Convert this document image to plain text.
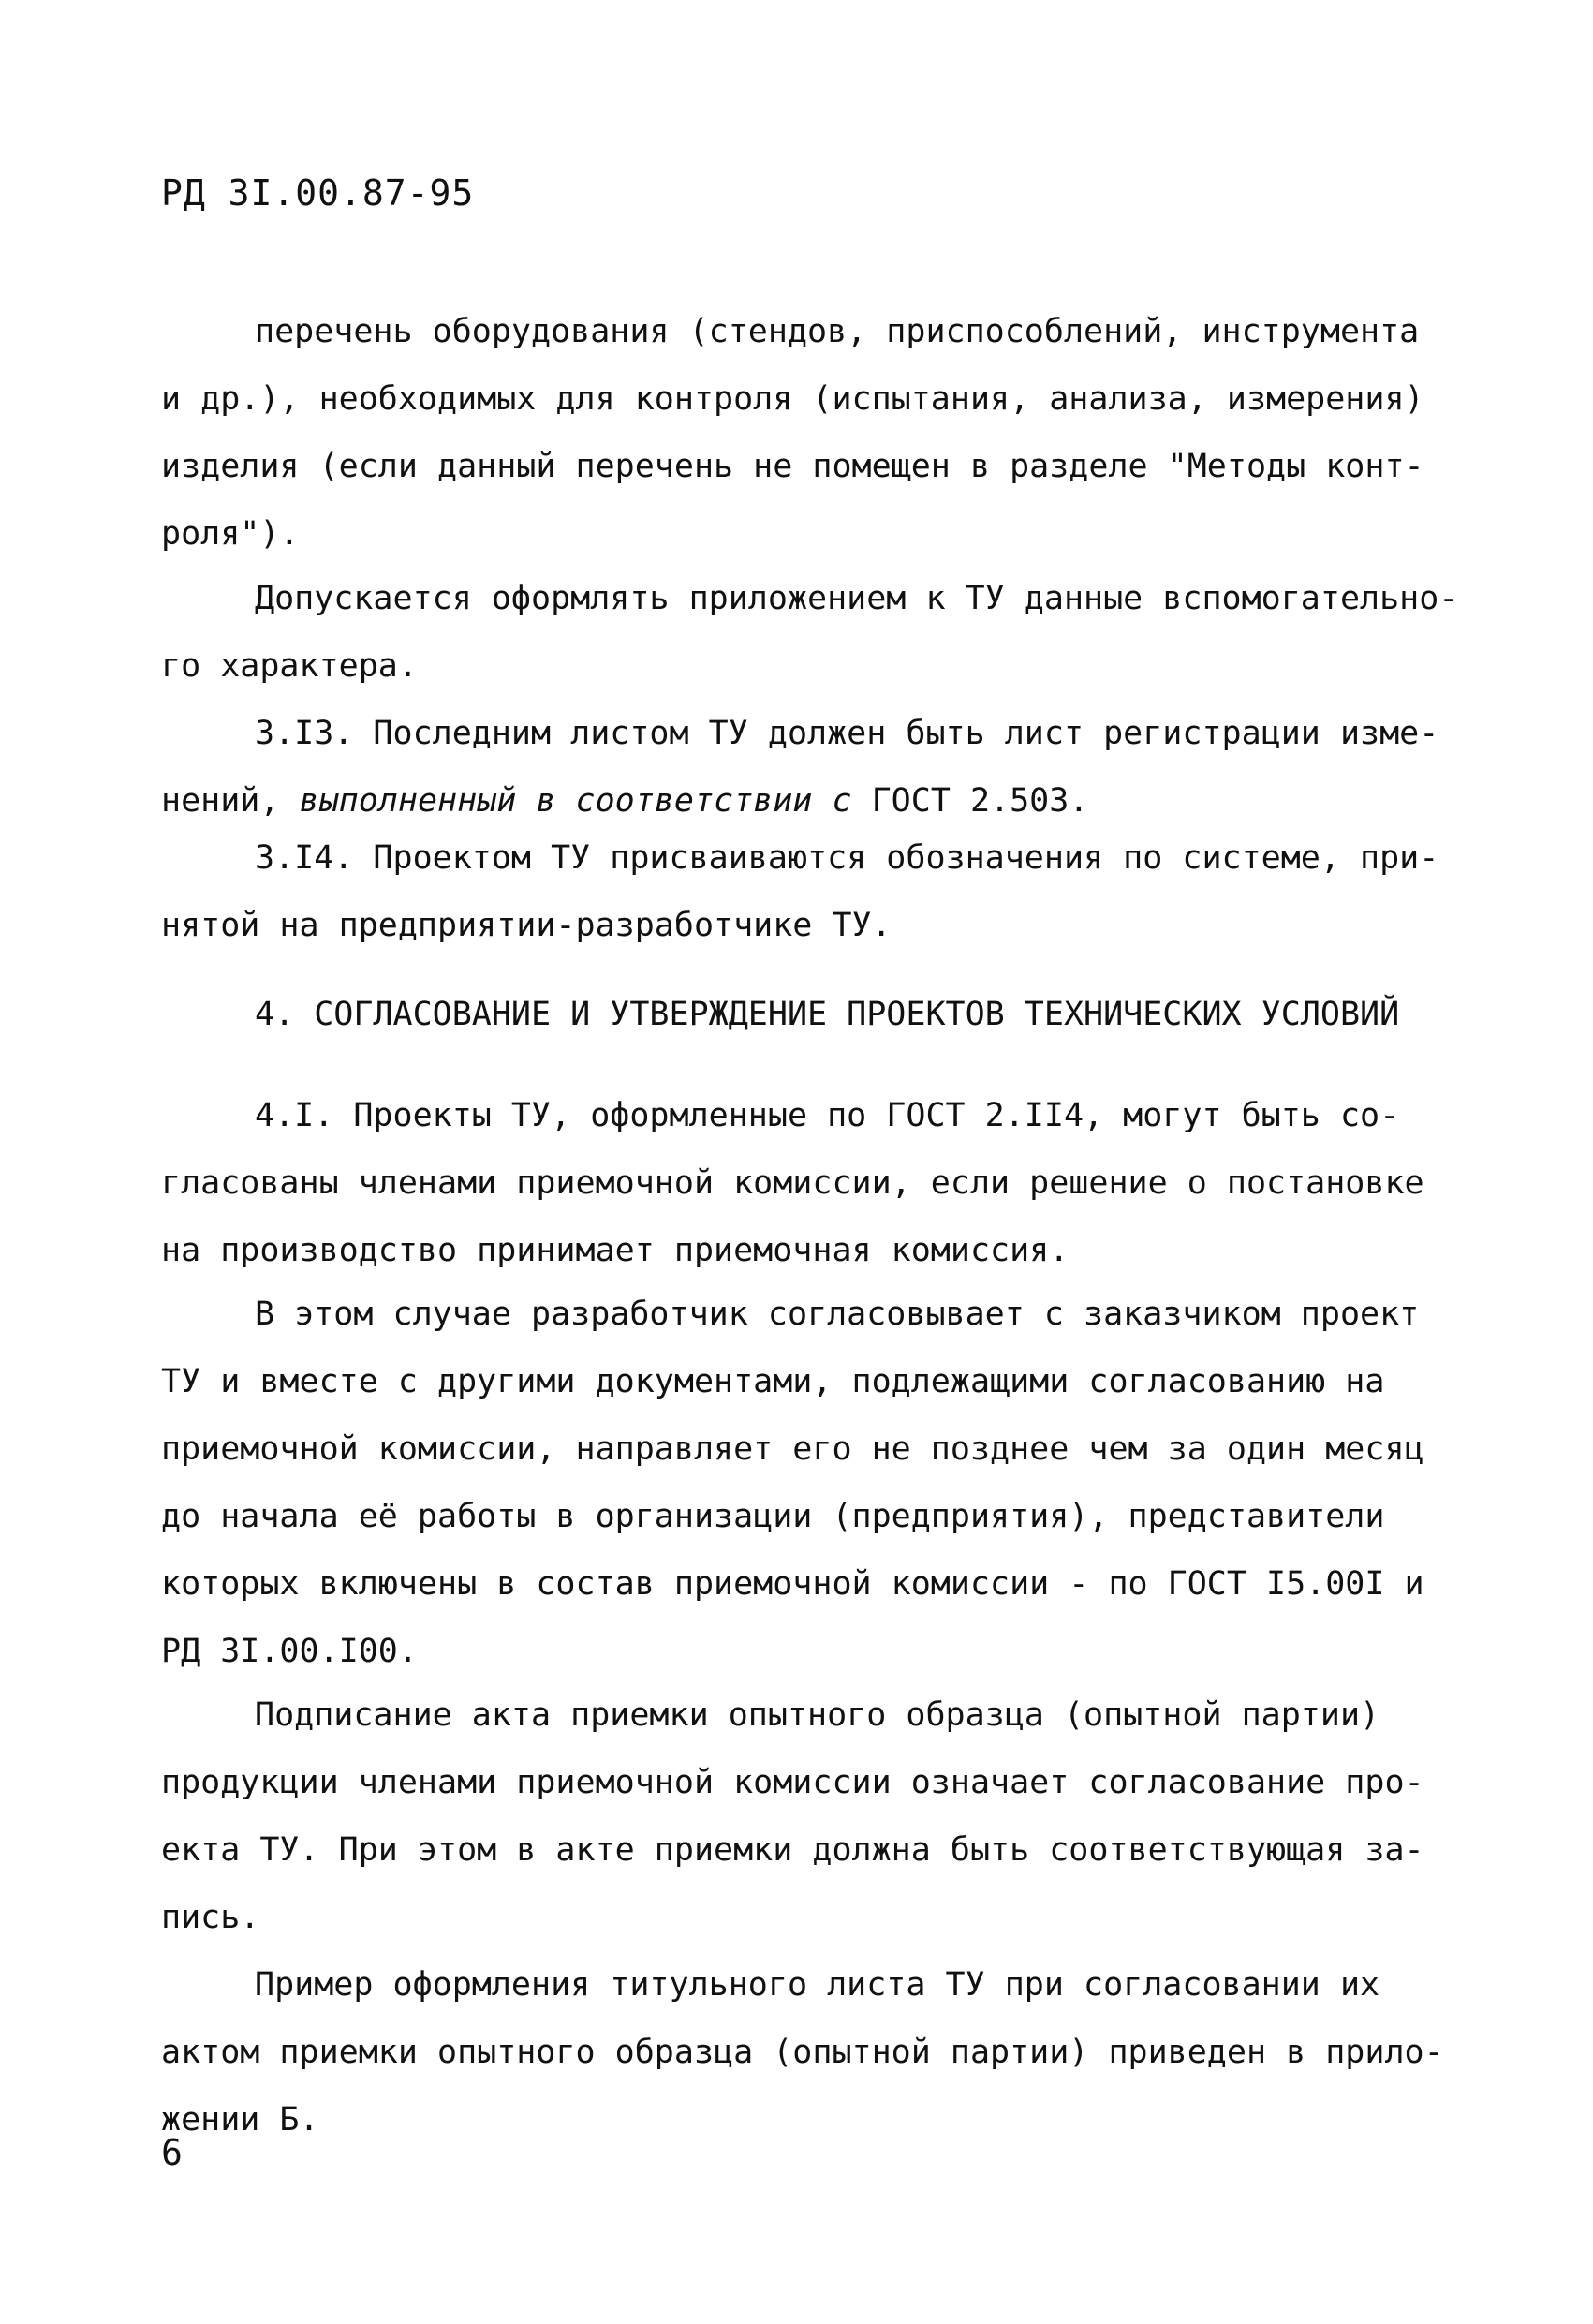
РД 3I.00.87-95
перечень оборудования (стендов, приспособлений, инструмента
и др.), необходимых для контроля (испытания, анализа, измерения)
изделия (если данный перечень не помещен в разделе "Методы конт-
роля").
Допускается оформлять приложением к ТУ данные вспомогательно-
го характера.
3.I3. Последним листом ТУ должен быть лист регистрации изме-
нений, выполненный в соответствии с ГОСТ 2.503.
3.I4. Проектом ТУ присваиваются обозначения по системе, при-
нятой на предприятии-разработчике ТУ.
4. СОГЛАСОВАНИЕ И УТВЕРЖДЕНИЕ ПРОЕКТОВ ТЕХНИЧЕСКИХ УСЛОВИЙ
4.I. Проекты ТУ, оформленные по ГОСТ 2.II4, могут быть со-
гласованы членами приемочной комиссии, если решение о постановке
на производство принимает приемочная комиссия.
В этом случае разработчик согласовывает с заказчиком проект
ТУ и вместе с другими документами, подлежащими согласованию на
приемочной комиссии, направляет его не позднее чем за один месяц
до начала её работы в организации (предприятия), представители
которых включены в состав приемочной комиссии - по ГОСТ I5.00I и
РД 3I.00.I00.
Подписание акта приемки опытного образца (опытной партии)
продукции членами приемочной комиссии означает согласование про-
екта ТУ. При этом в акте приемки должна быть соответствующая за-
пись.
Пример оформления титульного листа ТУ при согласовании их
актом приемки опытного образца (опытной партии) приведен в прило-
жении Б.
6
